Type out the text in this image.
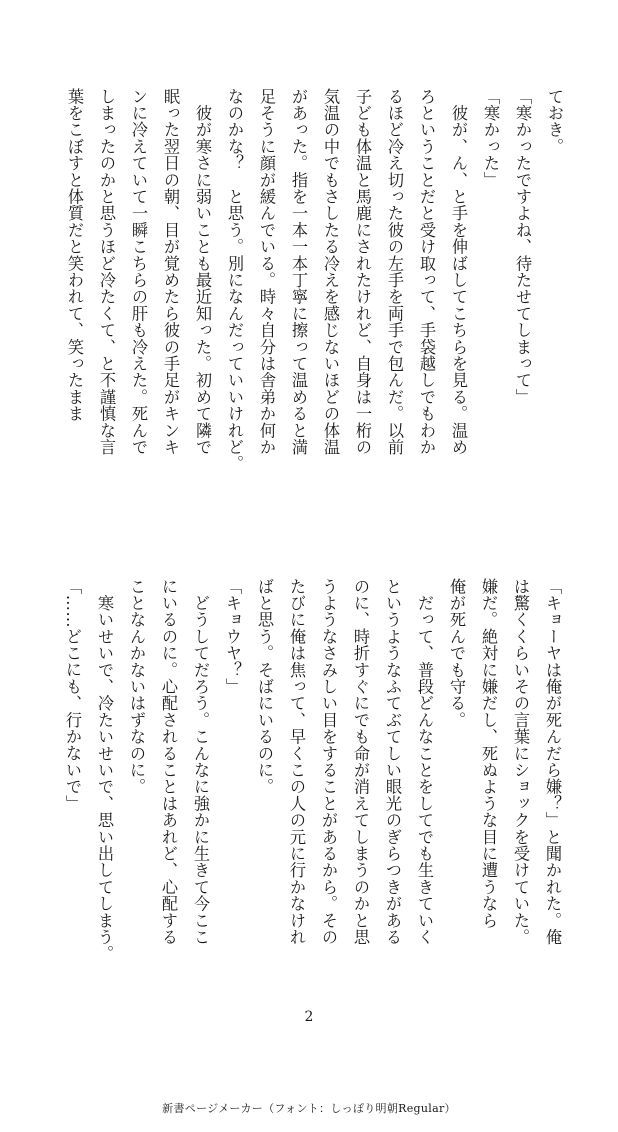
ておき。
「寒かったですよね、待たせてしまって」
「寒かった」
　彼が、ん、と手を伸ばしてこちらを見る。温め
ろということだと受け取って、手袋越しでもわか
るほど冷え切った彼の左手を両手で包んだ。以前
子ども体温と馬鹿にされたけれど、自身は一桁の
気温の中でもさしたる冷えを感じないほどの体温
があった。指を一本一本丁寧に擦って温めると満
足そうに顔が緩んでいる。時々自分は舎弟か何か
なのかな？　と思う。別になんだっていいけれど。
　彼が寒さに弱いことも最近知った。初めて隣で
眠った翌日の朝、目が覚めたら彼の手足がキンキ
ンに冷えていて一瞬こちらの肝も冷えた。死んで
しまったのかと思うほど冷たくて、と不謹慎な言
葉をこぼすと体質だと笑われて、笑ったまま
「キョーヤは俺が死んだら嫌？」と聞かれた。俺
は驚くくらいその言葉にショックを受けていた。
嫌だ。絶対に嫌だし、死ぬような目に遭うなら
俺が死んでも守る。
　だって、普段どんなことをしてでも生きていく
というようなふてぶてしい眼光のぎらつきがある
のに、時折すぐにでも命が消えてしまうのかと思
うようなさみしい目をすることがあるから。その
たびに俺は焦って、早くこの人の元に行かなけれ
ばと思う。そばにいるのに。
「キョウヤ？」
　どうしてだろう。こんなに強かに生きて今ここ
にいるのに。心配されることはあれど、心配する
ことなんかないはずなのに。
　寒いせいで、冷たいせいで、思い出してしまう。
「……どこにも、行かないで」
2
新書ページメーカー（フォント：しっぽり明朝Regular）
